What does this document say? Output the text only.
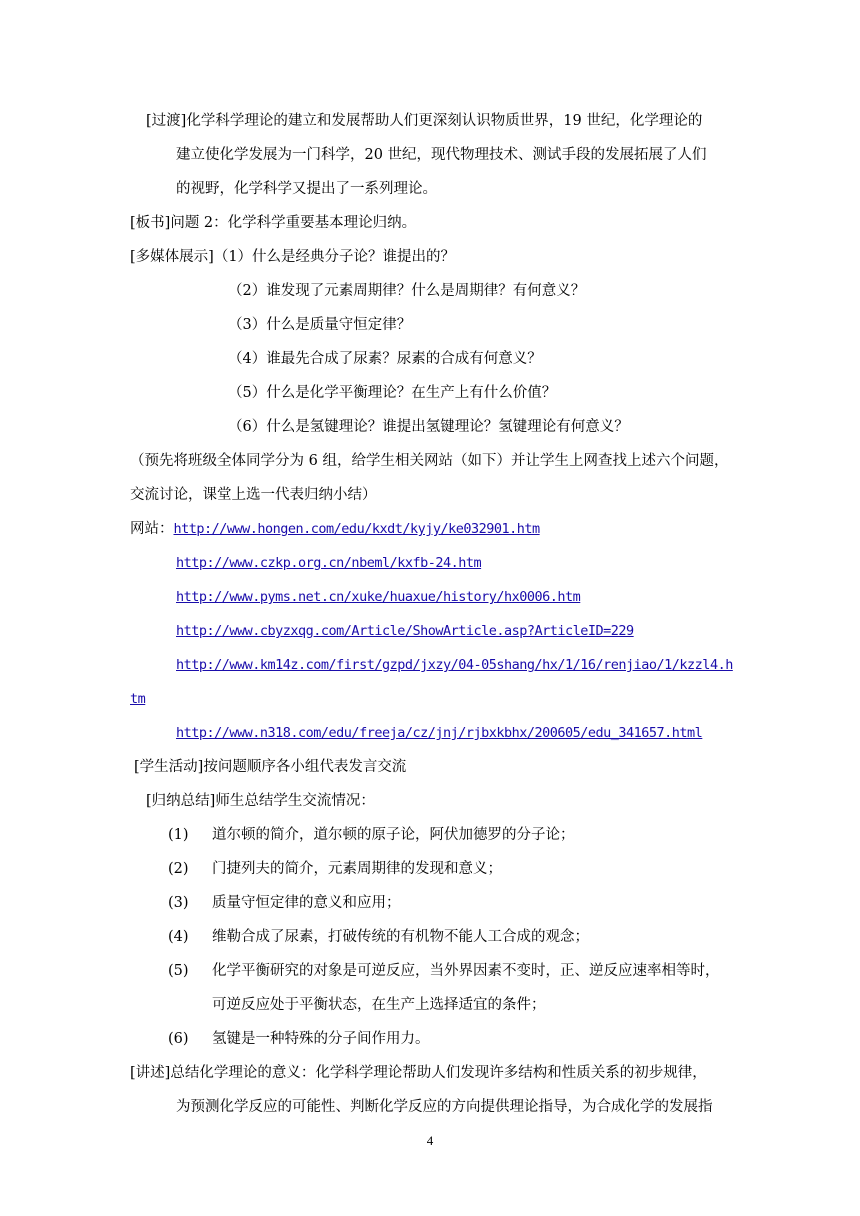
[过渡]化学科学理论的建立和发展帮助人们更深刻认识物质世界，19 世纪，化学理论的
建立使化学发展为一门科学，20 世纪，现代物理技术、测试手段的发展拓展了人们
的视野，化学科学又提出了一系列理论。
[板书]问题 2：化学科学重要基本理论归纳。
[多媒体展示]（1）什么是经典分子论？谁提出的？
（2）谁发现了元素周期律？什么是周期律？有何意义？
（3）什么是质量守恒定律？
（4）谁最先合成了尿素？尿素的合成有何意义？
（5）什么是化学平衡理论？在生产上有什么价值？
（6）什么是氢键理论？谁提出氢键理论？氢键理论有何意义？
（预先将班级全体同学分为 6 组，给学生相关网站（如下）并让学生上网查找上述六个问题，
交流讨论，课堂上选一代表归纳小结）
网站：http://www.hongen.com/edu/kxdt/kyjy/ke032901.htm
http://www.czkp.org.cn/nbeml/kxfb-24.htm
http://www.pyms.net.cn/xuke/huaxue/history/hx0006.htm
http://www.cbyzxqg.com/Article/ShowArticle.asp?ArticleID=229
http://www.km14z.com/first/gzpd/jxzy/04-05shang/hx/1/16/renjiao/1/kzzl4.h
tm
http://www.n318.com/edu/freeja/cz/jnj/rjbxkbhx/200605/edu_341657.html
[学生活动]按问题顺序各小组代表发言交流
[归纳总结]师生总结学生交流情况：
(1) 道尔顿的简介，道尔顿的原子论，阿伏加德罗的分子论；
(2) 门捷列夫的简介，元素周期律的发现和意义；
(3) 质量守恒定律的意义和应用；
(4) 维勒合成了尿素，打破传统的有机物不能人工合成的观念；
(5) 化学平衡研究的对象是可逆反应，当外界因素不变时，正、逆反应速率相等时，
可逆反应处于平衡状态，在生产上选择适宜的条件；
(6) 氢键是一种特殊的分子间作用力。
[讲述]总结化学理论的意义：化学科学理论帮助人们发现许多结构和性质关系的初步规律，
为预测化学反应的可能性、判断化学反应的方向提供理论指导，为合成化学的发展指
4
